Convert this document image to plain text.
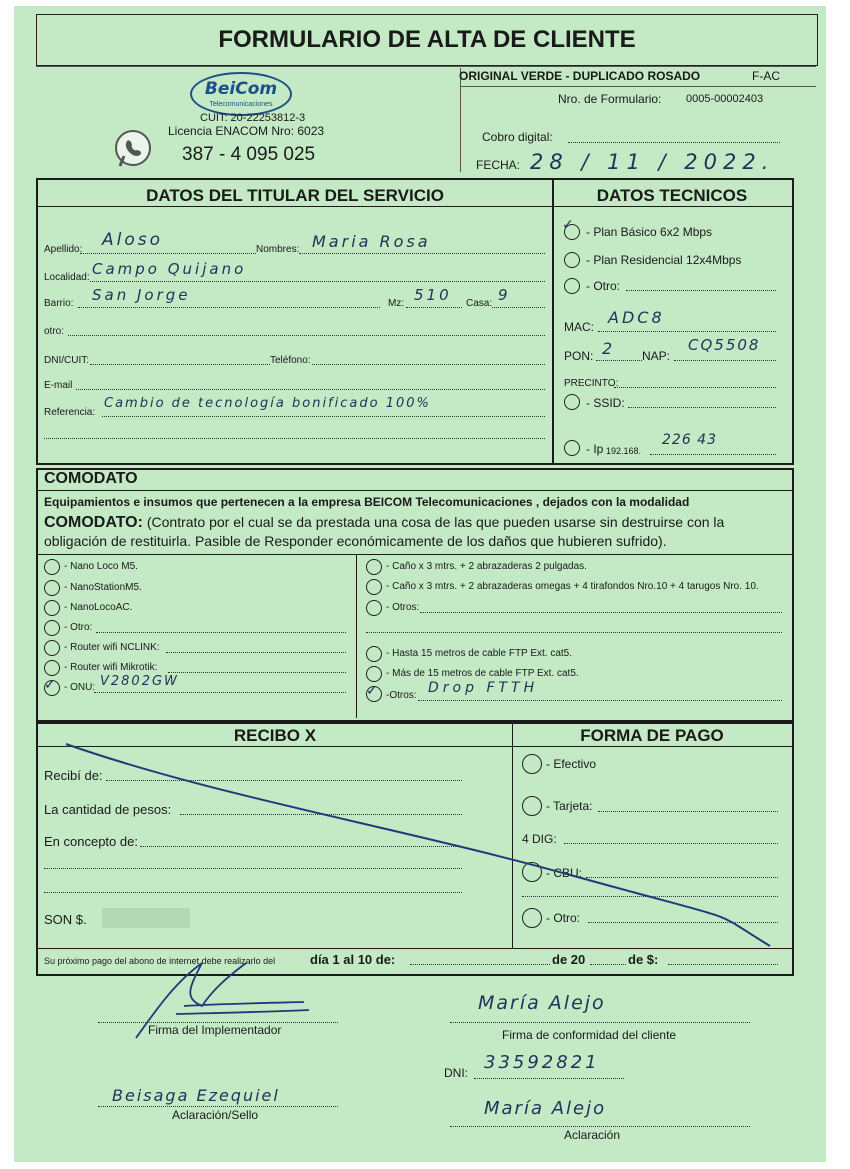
FORMULARIO DE ALTA DE CLIENTE
BeiCom
Telecomunicaciones
CUIT: 20-22253812-3
Licencia ENACOM Nro: 6023
387 - 4 095 025
ORIGINAL VERDE - DUPLICADO ROSADO	F-AC
Nro. de Formulario: 0005-00002403
Cobro digital:
FECHA: 28 / 11 / 2022.
DATOS DEL TITULAR DEL SERVICIO	DATOS TECNICOS
Apellido: Aloso	Nombres: Maria Rosa
Localidad: Campo Quijano
Barrio: San Jorge	Mz: 510 Casa: 9
otro:
DNI/CUIT:	Teléfono:
E-mail
Referencia:
Cambio de tecnología bonificado 100%
✓ - Plan Básico 6x2 Mbps
- Plan Residencial 12x4Mbps
- Otro:
MAC: ADC8
PON: 2 NAP:
CQ5508
PRECINTO:
- SSID:
- Ip 192.168.
226 43
COMODATO
Equipamientos e insumos que pertenecen a la empresa BEICOM Telecomunicaciones , dejados con la modalidad
COMODATO: (Contrato por el cual se da prestada una cosa de las que pueden usarse sin destruirse con la obligación de restituirla. Pasible de Responder económicamente de los daños que hubieren sufrido).
- Nano Loco M5.
- NanoStationM5.
- NanoLocoAC.
- Otro:
- Router wifi NCLINK:
- Router wifi Mikrotik:
✓ - ONU: V2802GW
- Caño x 3 mtrs. + 2 abrazaderas 2 pulgadas.
- Caño x 3 mtrs. + 2 abrazaderas omegas + 4 tirafondos Nro.10 + 4 tarugos Nro. 10.
- Otros:
- Hasta 15 metros de cable FTP Ext. cat5.
- Más de 15 metros de cable FTP Ext. cat5.
✓ -Otros: Drop FTTH
RECIBO X	FORMA DE PAGO
Recibí de:
La cantidad de pesos:
En concepto de:
SON $.
- Efectivo
- Tarjeta:
4 DIG:
- CBU:
- Otro:
Su próximo pago del abono de internet debe realizarlo del	día 1 al 10 de:	de 20	de $:
Firma del Implementador
María Alejo
Firma de conformidad del cliente
DNI: 33592821
Beisaga Ezequiel
Aclaración/Sello	María Alejo
Aclaración
